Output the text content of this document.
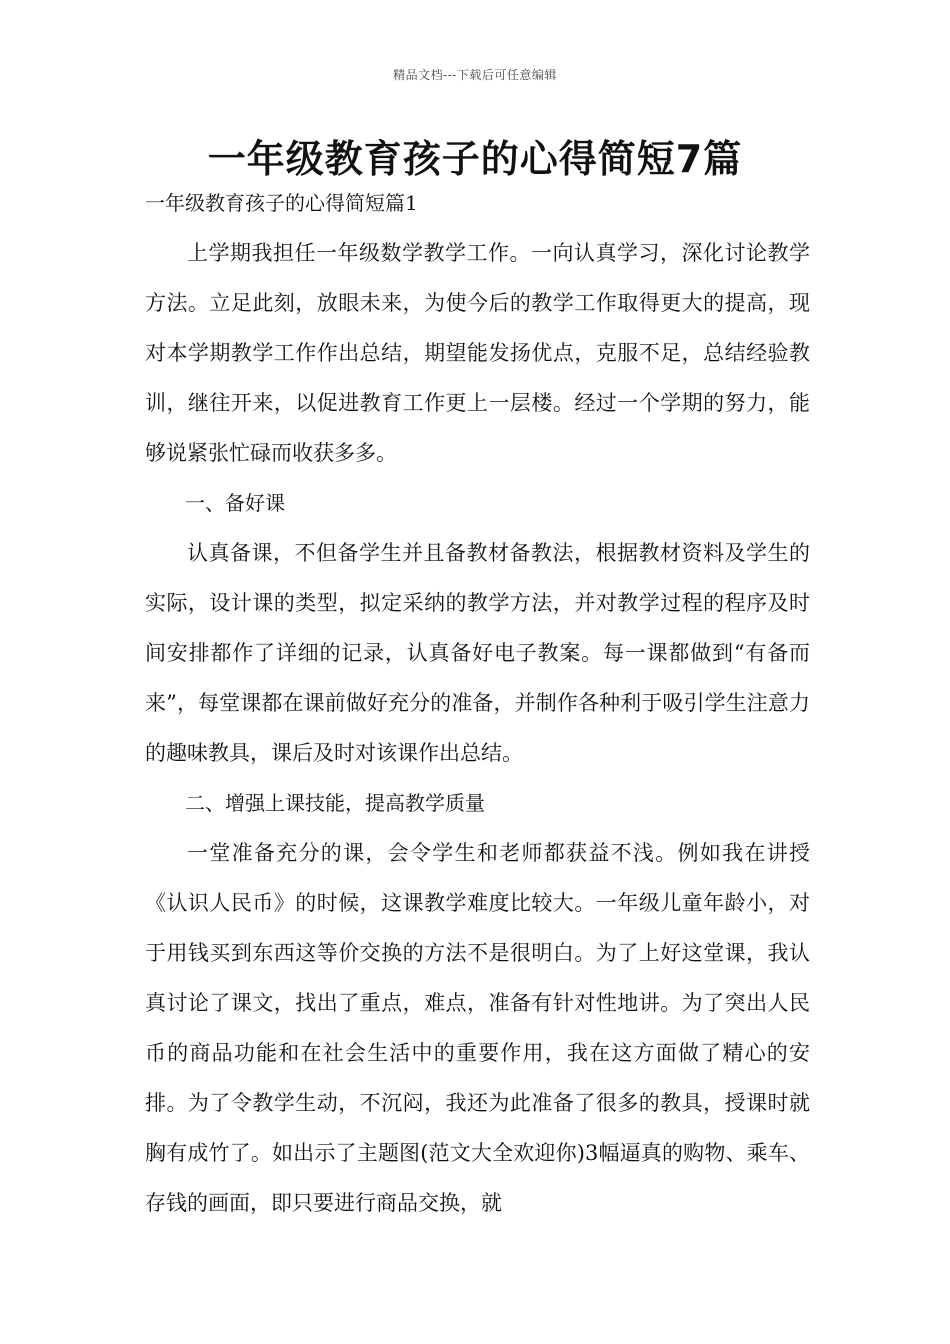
精品文档---下载后可任意编辑
一年级教育孩子的心得简短7篇
一年级教育孩子的心得简短篇1

上学期我担任一年级数学教学工作。一向认真学习，深化讨论教学方法。立足此刻，放眼未来，为使今后的教学工作取得更大的提高，现对本学期教学工作作出总结，期望能发扬优点，克服不足，总结经验教训，继往开来，以促进教育工作更上一层楼。经过一个学期的努力，能够说紧张忙碌而收获多多。

一、备好课

认真备课，不但备学生并且备教材备教法，根据教材资料及学生的实际，设计课的类型，拟定采纳的教学方法，并对教学过程的程序及时间安排都作了详细的记录，认真备好电子教案。每一课都做到“有备而来”，每堂课都在课前做好充分的准备，并制作各种利于吸引学生注意力的趣味教具，课后及时对该课作出总结。

二、增强上课技能，提高教学质量

一堂准备充分的课，会令学生和老师都获益不浅。例如我在讲授《认识人民币》的时候，这课教学难度比较大。一年级儿童年龄小，对于用钱买到东西这等价交换的方法不是很明白。为了上好这堂课，我认真讨论了课文，找出了重点，难点，准备有针对性地讲。为了突出人民币的商品功能和在社会生活中的重要作用，我在这方面做了精心的安排。为了令教学生动，不沉闷，我还为此准备了很多的教具，授课时就胸有成竹了。如出示了主题图(范文大全欢迎你)3幅逼真的购物、乘车、存钱的画面，即只要进行商品交换，就
